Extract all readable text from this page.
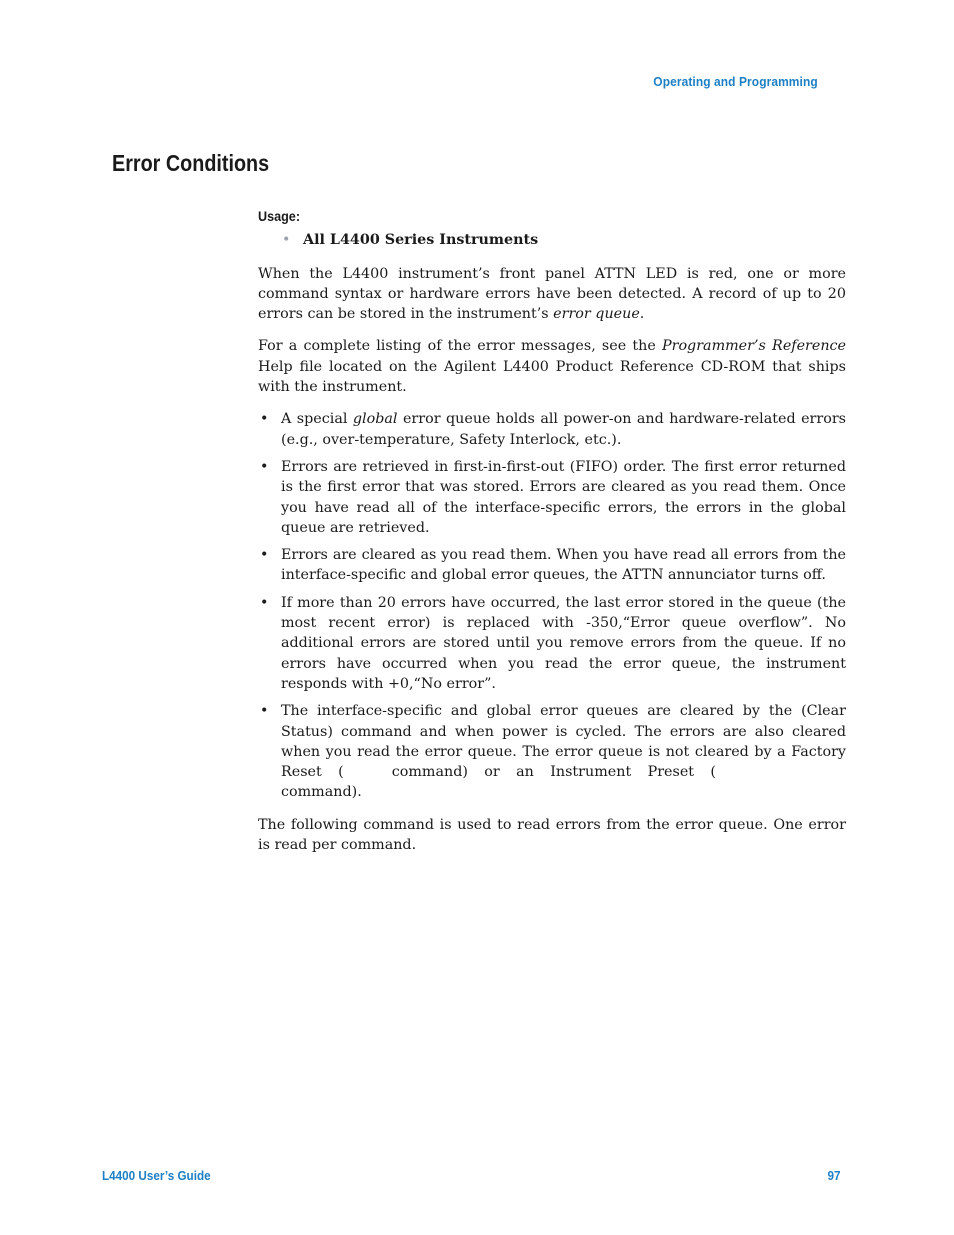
Operating and Programming
Error Conditions
Usage:
• All L4400 Series Instruments

When the L4400 instrument’s front panel ATTN LED is red, one or more command syntax or hardware errors have been detected. A record of up to 20 errors can be stored in the instrument’s error queue.

For a complete listing of the error messages, see the Programmer’s Reference Help file located on the Agilent L4400 Product Reference CD-ROM that ships with the instrument.

• A special global error queue holds all power-on and hardware-related errors (e.g., over-temperature, Safety Interlock, etc.).
• Errors are retrieved in first-in-first-out (FIFO) order. The first error returned is the first error that was stored. Errors are cleared as you read them. Once you have read all of the interface-specific errors, the errors in the global queue are retrieved.
• Errors are cleared as you read them. When you have read all errors from the interface-specific and global error queues, the ATTN annunciator turns off.
• If more than 20 errors have occurred, the last error stored in the queue (the most recent error) is replaced with -350,“Error queue overflow”. No additional errors are stored until you remove errors from the queue. If no errors have occurred when you read the error queue, the instrument responds with +0,“No error”.
• The interface-specific and global error queues are cleared by the (Clear Status) command and when power is cycled. The errors are also cleared when you read the error queue. The error queue is not cleared by a Factory Reset (	command) or an Instrument Preset (command).

The following command is used to read errors from the error queue. One error is read per command.

L4400 User’s Guide	97
